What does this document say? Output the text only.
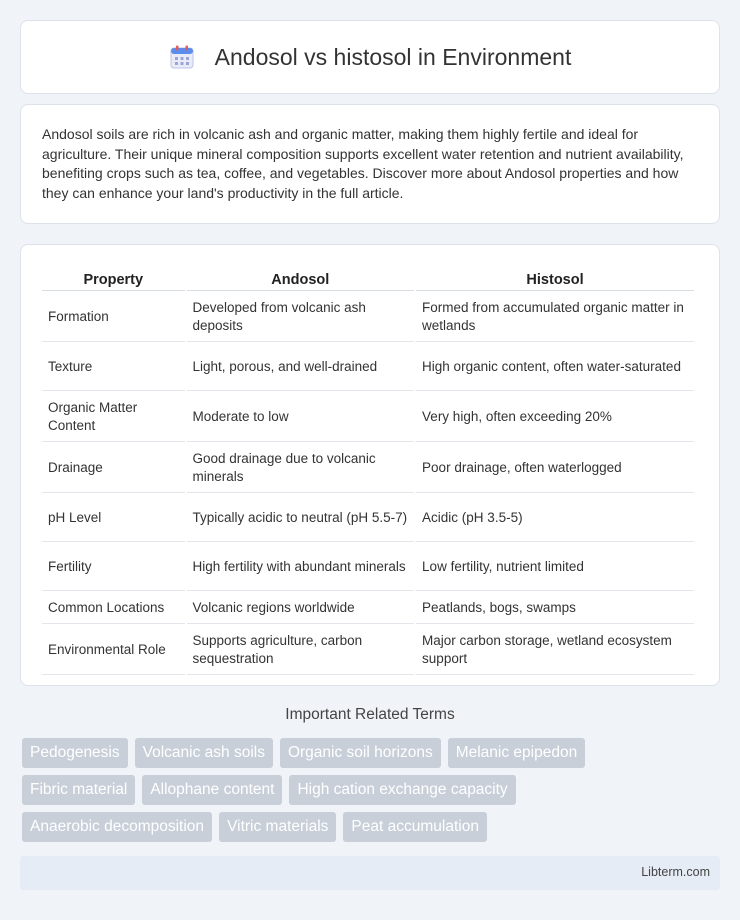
Andosol vs histosol in Environment

Andosol soils are rich in volcanic ash and organic matter, making them highly fertile and ideal for agriculture. Their unique mineral composition supports excellent water retention and nutrient availability, benefiting crops such as tea, coffee, and vegetables. Discover more about Andosol properties and how they can enhance your land's productivity in the full article.

Property	Andosol	Histosol
Formation	Developed from volcanic ash deposits	Formed from accumulated organic matter in wetlands
Texture	Light, porous, and well-drained	High organic content, often water-saturated
Organic Matter Content	Moderate to low	Very high, often exceeding 20%
Drainage	Good drainage due to volcanic minerals	Poor drainage, often waterlogged
pH Level	Typically acidic to neutral (pH 5.5-7)	Acidic (pH 3.5-5)
Fertility	High fertility with abundant minerals	Low fertility, nutrient limited
Common Locations	Volcanic regions worldwide	Peatlands, bogs, swamps
Environmental Role	Supports agriculture, carbon sequestration	Major carbon storage, wetland ecosystem support
Important Related Terms
Pedogenesis	Volcanic ash soils	Organic soil horizons	Melanic epipedon
Fibric material	Allophane content	High cation exchange capacity
Anaerobic decomposition	Vitric materials	Peat accumulation
Libterm.com
